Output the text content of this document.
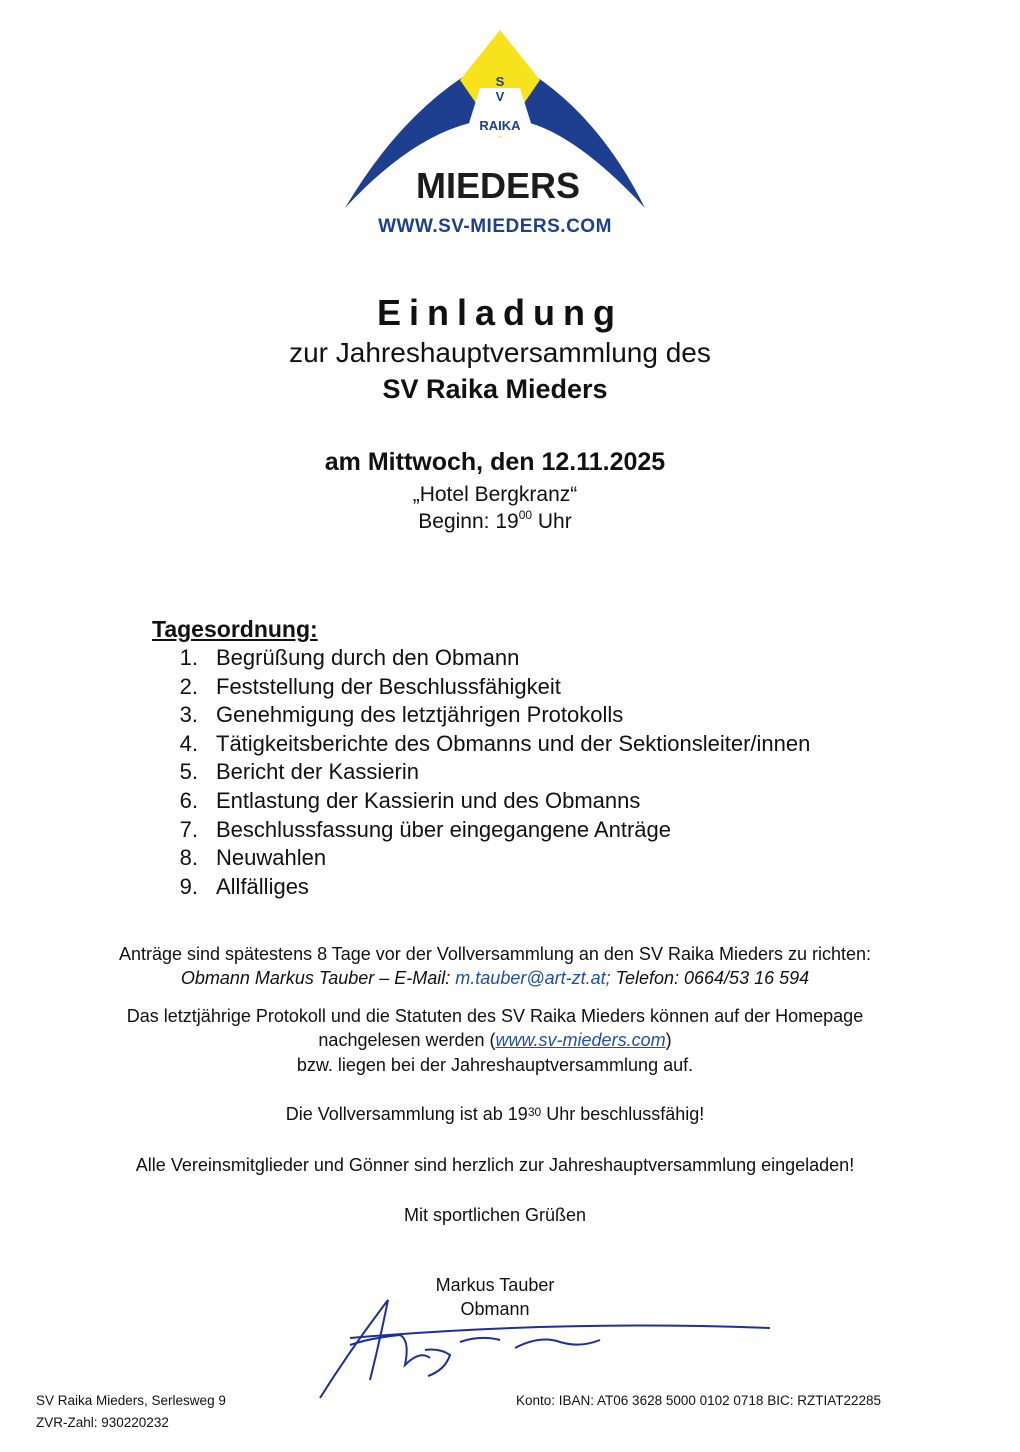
S
V
RAIKA
MIEDERS
WWW.SV-MIEDERS.COM
Einladung
zur Jahreshauptversammlung des
SV Raika Mieders
am Mittwoch, den 12.11.2025
„Hotel Bergkranz“
Beginn: $19^{00}$ Uhr
Tagesordnung:
1. Begrüßung durch den Obmann
2. Feststellung der Beschlussfähigkeit
3. Genehmigung des letztjährigen Protokolls
4. Tätigkeitsberichte des Obmanns und der Sektionsleiter/innen
5. Bericht der Kassierin
6. Entlastung der Kassierin und des Obmanns
7. Beschlussfassung über eingegangene Anträge
8. Neuwahlen
9. Allfälliges
Anträge sind spätestens 8 Tage vor der Vollversammlung an den SV Raika Mieders zu richten:
Obmann Markus Tauber – E-Mail: m.tauber@art-zt.at; Telefon: 0664/53 16 594
Das letztjährige Protokoll und die Statuten des SV Raika Mieders können auf der Homepage
nachgelesen werden (www.sv-mieders.com)
bzw. liegen bei der Jahreshauptversammlung auf.
Die Vollversammlung ist ab $19^{30}$ Uhr beschlussfähig!
Alle Vereinsmitglieder und Gönner sind herzlich zur Jahreshauptversammlung eingeladen!
Mit sportlichen Grüßen
Markus Tauber
Obmann
SV Raika Mieders, Serlesweg 9
ZVR-Zahl: 930220232
Konto: IBAN: AT06 3628 5000 0102 0718 BIC: RZTIAT22285
